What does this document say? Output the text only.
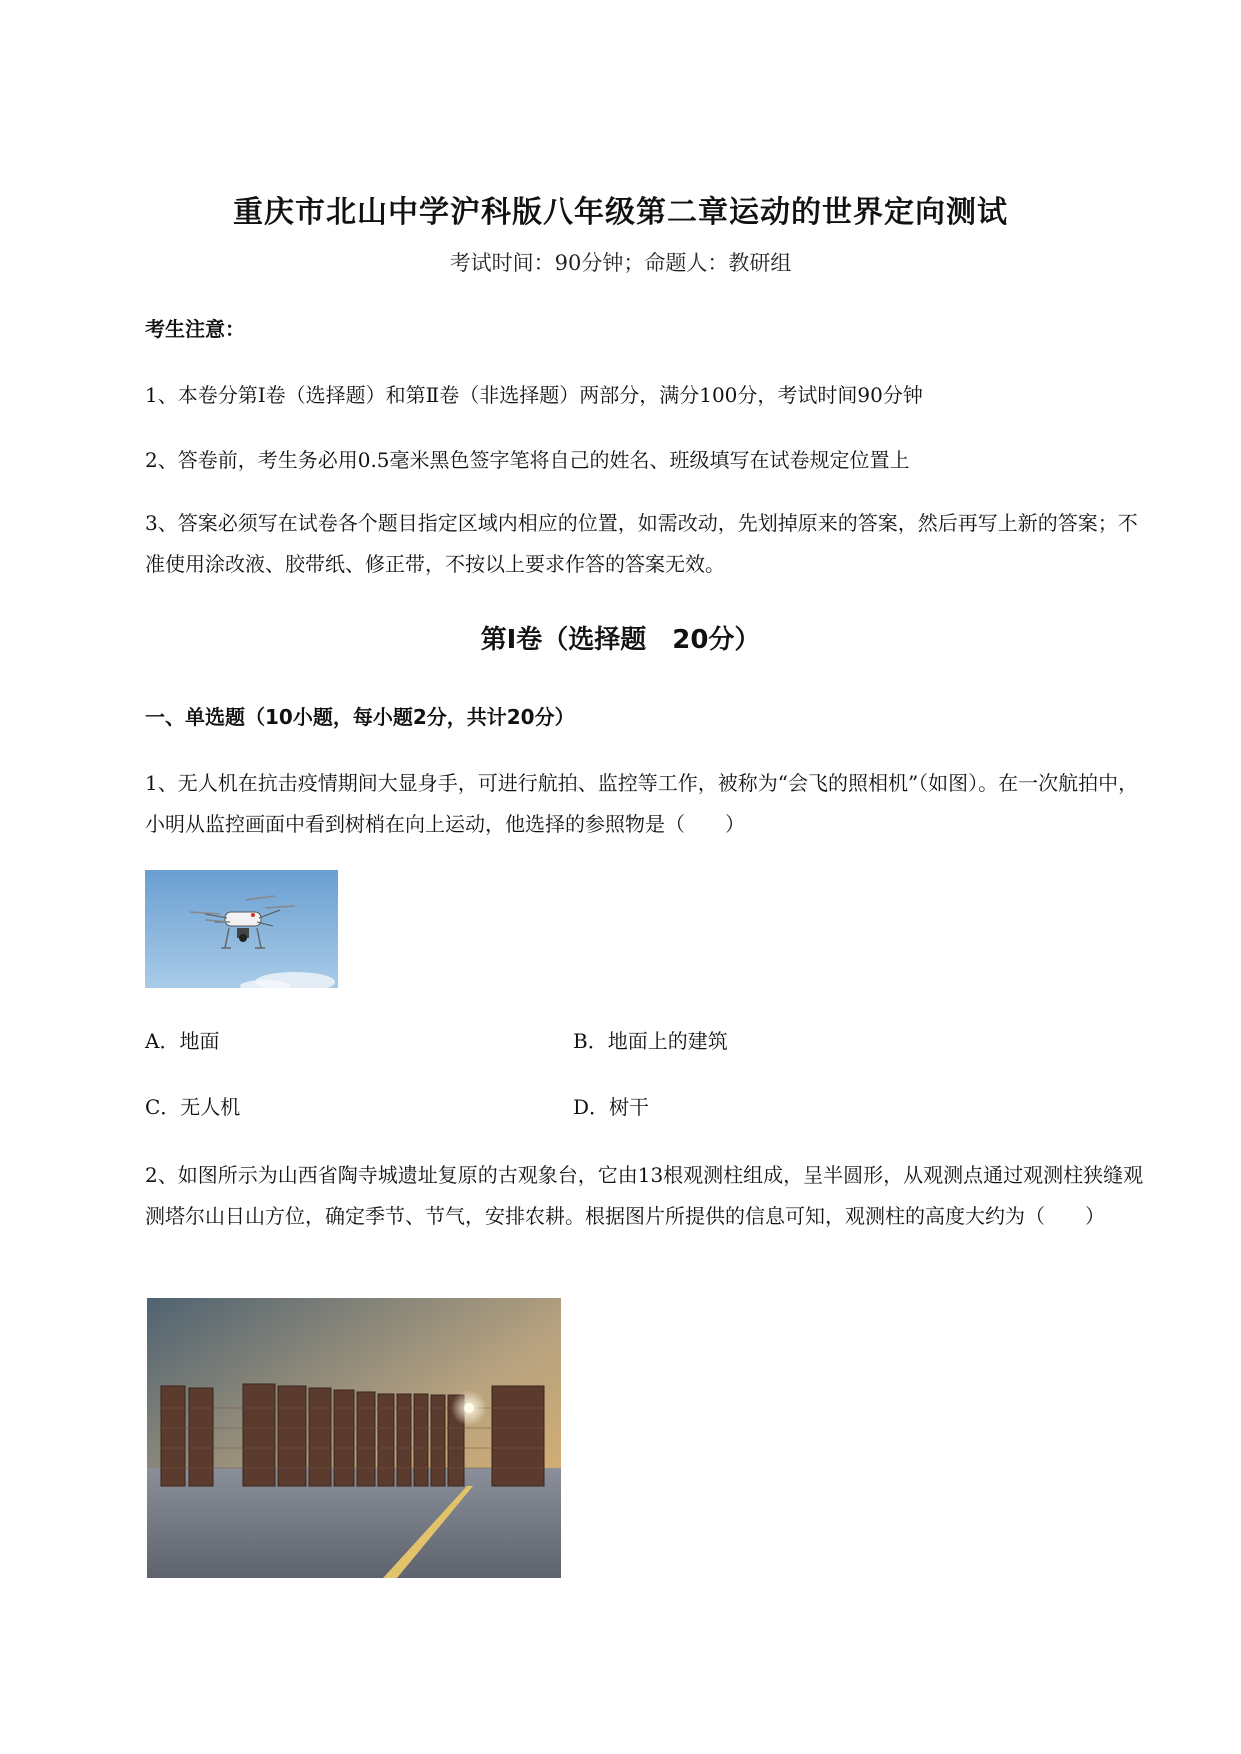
重庆市北山中学沪科版八年级第二章运动的世界定向测试
考试时间：90分钟；命题人：教研组
考生注意：
1、本卷分第Ⅰ卷（选择题）和第Ⅱ卷（非选择题）两部分，满分100分，考试时间90分钟
2、答卷前，考生务必用0.5毫米黑色签字笔将自己的姓名、班级填写在试卷规定位置上
3、答案必须写在试卷各个题目指定区域内相应的位置，如需改动，先划掉原来的答案，然后再写上新的答案；不准使用涂改液、胶带纸、修正带，不按以上要求作答的答案无效。
第Ⅰ卷（选择题　20分）
一、单选题（10小题，每小题2分，共计20分）
1、无人机在抗击疫情期间大显身手，可进行航拍、监控等工作，被称为“会飞的照相机”（如图）。在一次航拍中，小明从监控画面中看到树梢在向上运动，他选择的参照物是（　　）
A．地面	B．地面上的建筑
C．无人机	D．树干
2、如图所示为山西省陶寺城遗址复原的古观象台，它由13根观测柱组成，呈半圆形，从观测点通过观测柱狭缝观测塔尔山日山方位，确定季节、节气，安排农耕。根据图片所提供的信息可知，观测柱的高度大约为（　　）
